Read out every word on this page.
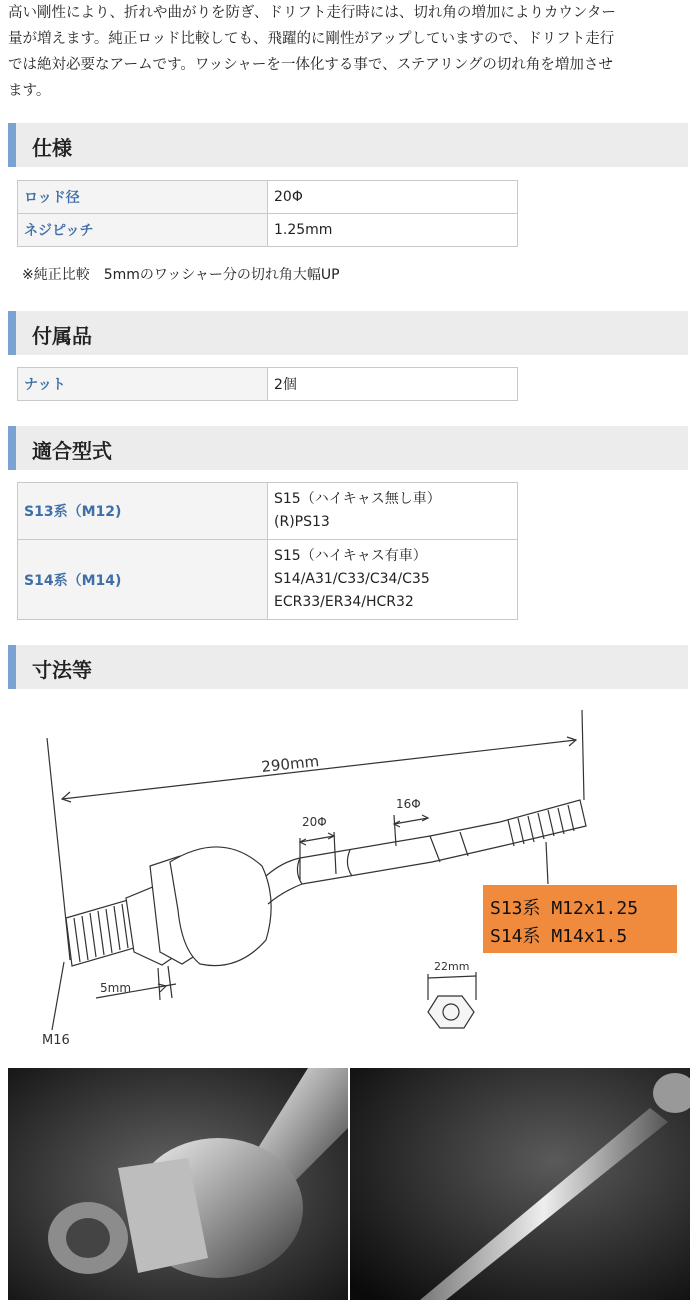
高い剛性により、折れや曲がりを防ぎ、ドリフト走行時には、切れ角の増加によりカウンター
量が増えます。純正ロッド比較しても、飛躍的に剛性がアップしていますので、ドリフト走行
では絶対必要なアームです。ワッシャーを一体化する事で、ステアリングの切れ角を増加させ
ます。
仕様
ロッド径	20Φ
ネジピッチ	1.25mm
※純正比較　5mmのワッシャー分の切れ角大幅UP
付属品
ナット	2個
適合型式
S13系（M12)	S15（ハイキャス無し車）
(R)PS13

S14系（M14)	S15（ハイキャス有車）
S14/A31/C33/C34/C35
ECR33/ER34/HCR32
寸法等
290mm
20Φ
16Φ
5mm
22mm
M16
S13系 M12x1.25
S14系 M14x1.5
